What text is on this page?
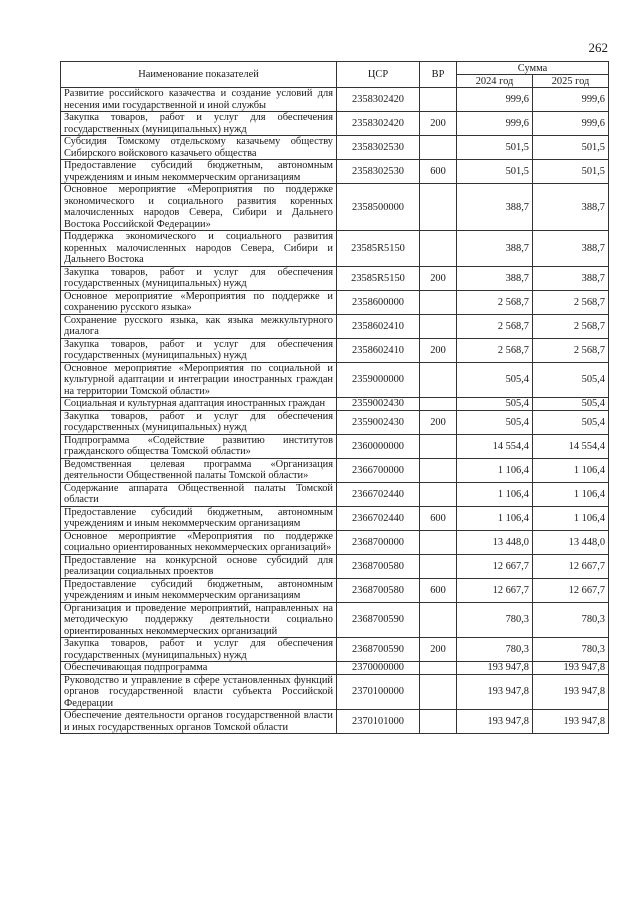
262
Наименование показателей	ЦСР	ВР	Сумма	
			2024 год	2025 год
Развитие российского казачества и создание условий для несения ими государственной и иной службы	2358302420		999,6	999,6
Закупка товаров, работ и услуг для обеспечения государственных (муниципальных) нужд	2358302420	200	999,6	999,6
Субсидия Томскому отдельскому казачьему обществу Сибирского войскового казачьего общества	2358302530		501,5	501,5
Предоставление субсидий бюджетным, автономным учреждениям и иным некоммерческим организациям	2358302530	600	501,5	501,5
Основное мероприятие «Мероприятия по поддержке экономического и социального развития коренных малочисленных народов Севера, Сибири и Дальнего Востока Российской Федерации»	2358500000		388,7	388,7
Поддержка экономического и социального развития коренных малочисленных народов Севера, Сибири и Дальнего Востока	23585R5150		388,7	388,7
Закупка товаров, работ и услуг для обеспечения государственных (муниципальных) нужд	23585R5150	200	388,7	388,7
Основное мероприятие «Мероприятия по поддержке и сохранению русского языка»	2358600000		2 568,7	2 568,7
Сохранение русского языка, как языка межкультурного диалога	2358602410		2 568,7	2 568,7
Закупка товаров, работ и услуг для обеспечения государственных (муниципальных) нужд	2358602410	200	2 568,7	2 568,7
Основное мероприятие «Мероприятия по социальной и культурной адаптации и интеграции иностранных граждан на территории Томской области»	2359000000		505,4	505,4
Социальная и культурная адаптация иностранных граждан	2359002430		505,4	505,4
Закупка товаров, работ и услуг для обеспечения государственных (муниципальных) нужд	2359002430	200	505,4	505,4
Подпрограмма «Содействие развитию институтов гражданского общества Томской области»	2360000000		14 554,4	14 554,4
Ведомственная целевая программа «Организация деятельности Общественной палаты Томской области»	2366700000		1 106,4	1 106,4
Содержание аппарата Общественной палаты Томской области	2366702440		1 106,4	1 106,4
Предоставление субсидий бюджетным, автономным учреждениям и иным некоммерческим организациям	2366702440	600	1 106,4	1 106,4
Основное мероприятие «Мероприятия по поддержке социально ориентированных некоммерческих организаций»	2368700000		13 448,0	13 448,0
Предоставление на конкурсной основе субсидий для реализации социальных проектов	2368700580		12 667,7	12 667,7
Предоставление субсидий бюджетным, автономным учреждениям и иным некоммерческим организациям	2368700580	600	12 667,7	12 667,7
Организация и проведение мероприятий, направленных на методическую поддержку деятельности социально ориентированных некоммерческих организаций	2368700590		780,3	780,3
Закупка товаров, работ и услуг для обеспечения государственных (муниципальных) нужд	2368700590	200	780,3	780,3
Обеспечивающая подпрограмма	2370000000		193 947,8	193 947,8
Руководство и управление в сфере установленных функций органов государственной власти субъекта Российской Федерации	2370100000		193 947,8	193 947,8
Обеспечение деятельности органов государственной власти и иных государственных органов Томской области	2370101000		193 947,8	193 947,8
